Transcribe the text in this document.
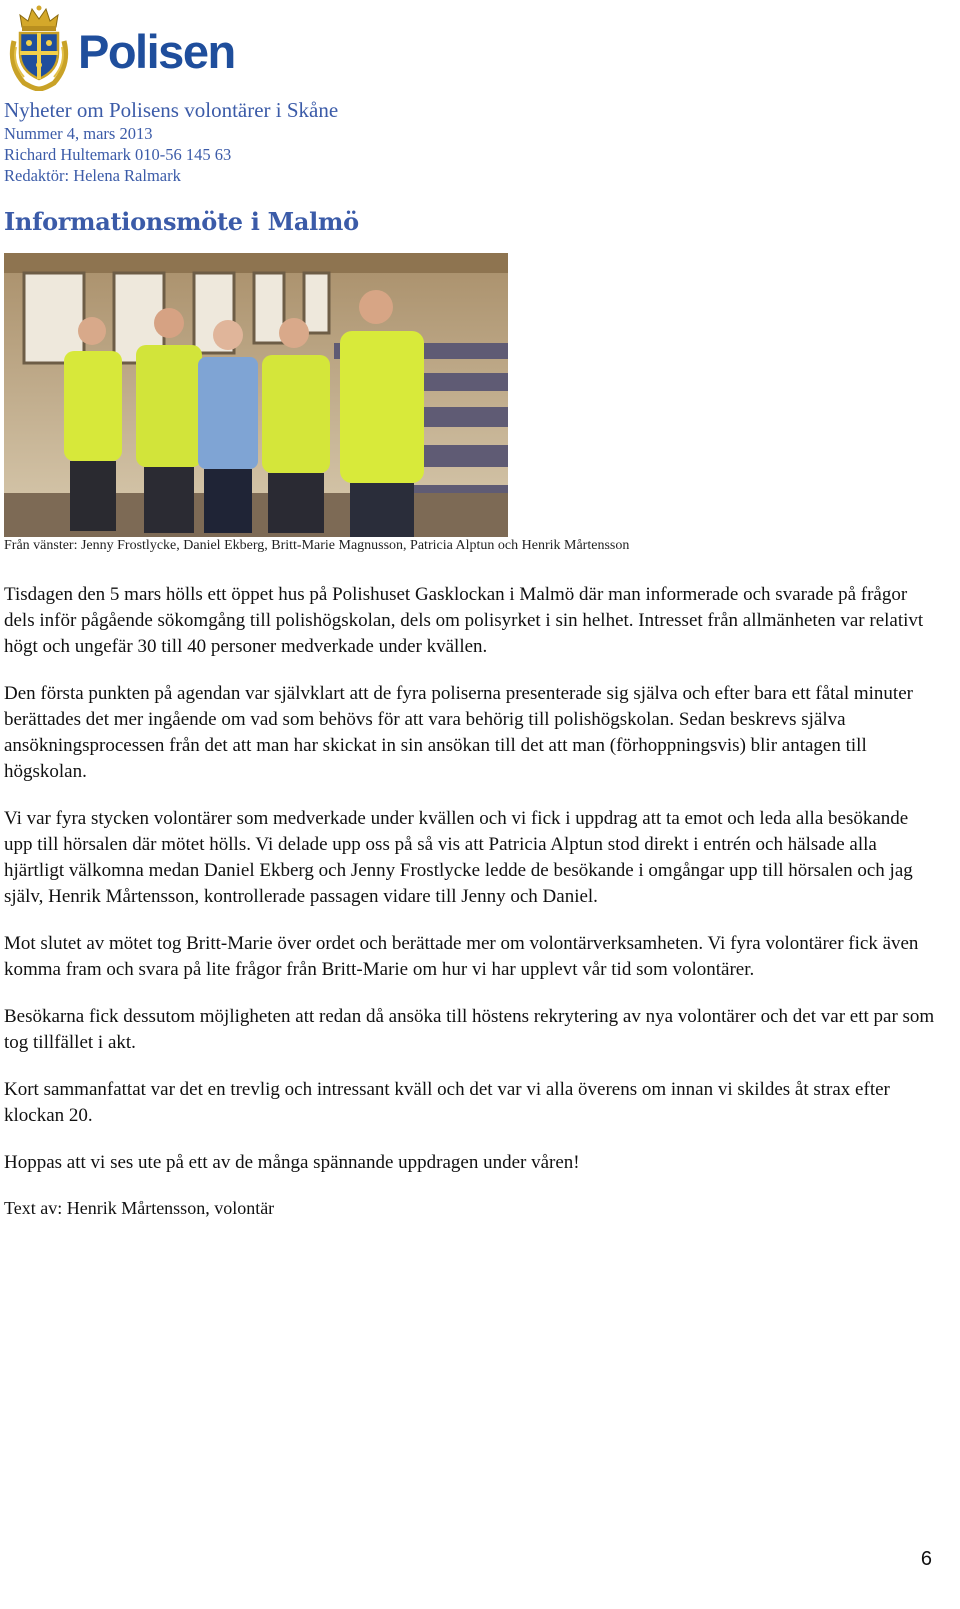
Polisen
Nyheter om Polisens volontärer i Skåne
Nummer 4, mars 2013
Richard Hultemark 010-56 145 63
Redaktör: Helena Ralmark
Informationsmöte i Malmö
Från vänster: Jenny Frostlycke, Daniel Ekberg, Britt-Marie Magnusson, Patricia Alptun och Henrik Mårtensson

Tisdagen den 5 mars hölls ett öppet hus på Polishuset Gasklockan i Malmö där man informerade och svarade på frågor dels inför pågående sökomgång till polishögskolan, dels om polisyrket i sin helhet. Intresset från allmänheten var relativt högt och ungefär 30 till 40 personer medverkade under kvällen.

Den första punkten på agendan var självklart att de fyra poliserna presenterade sig själva och efter bara ett fåtal minuter berättades det mer ingående om vad som behövs för att vara behörig till polishögskolan. Sedan beskrevs själva ansökningsprocessen från det att man har skickat in sin ansökan till det att man (förhoppningsvis) blir antagen till högskolan.

Vi var fyra stycken volontärer som medverkade under kvällen och vi fick i uppdrag att ta emot och leda alla besökande upp till hörsalen där mötet hölls. Vi delade upp oss på så vis att Patricia Alptun stod direkt i entrén och hälsade alla hjärtligt välkomna medan Daniel Ekberg och Jenny Frostlycke ledde de besökande i omgångar upp till hörsalen och jag själv, Henrik Mårtensson, kontrollerade passagen vidare till Jenny och Daniel.

Mot slutet av mötet tog Britt-Marie över ordet och berättade mer om volontärverksamheten. Vi fyra volontärer fick även komma fram och svara på lite frågor från Britt-Marie om hur vi har upplevt vår tid som volontärer.

Besökarna fick dessutom möjligheten att redan då ansöka till höstens rekrytering av nya volontärer och det var ett par som tog tillfället i akt.

Kort sammanfattat var det en trevlig och intressant kväll och det var vi alla överens om innan vi skildes åt strax efter klockan 20.

Hoppas att vi ses ute på ett av de många spännande uppdragen under våren!

Text av: Henrik Mårtensson, volontär

6
